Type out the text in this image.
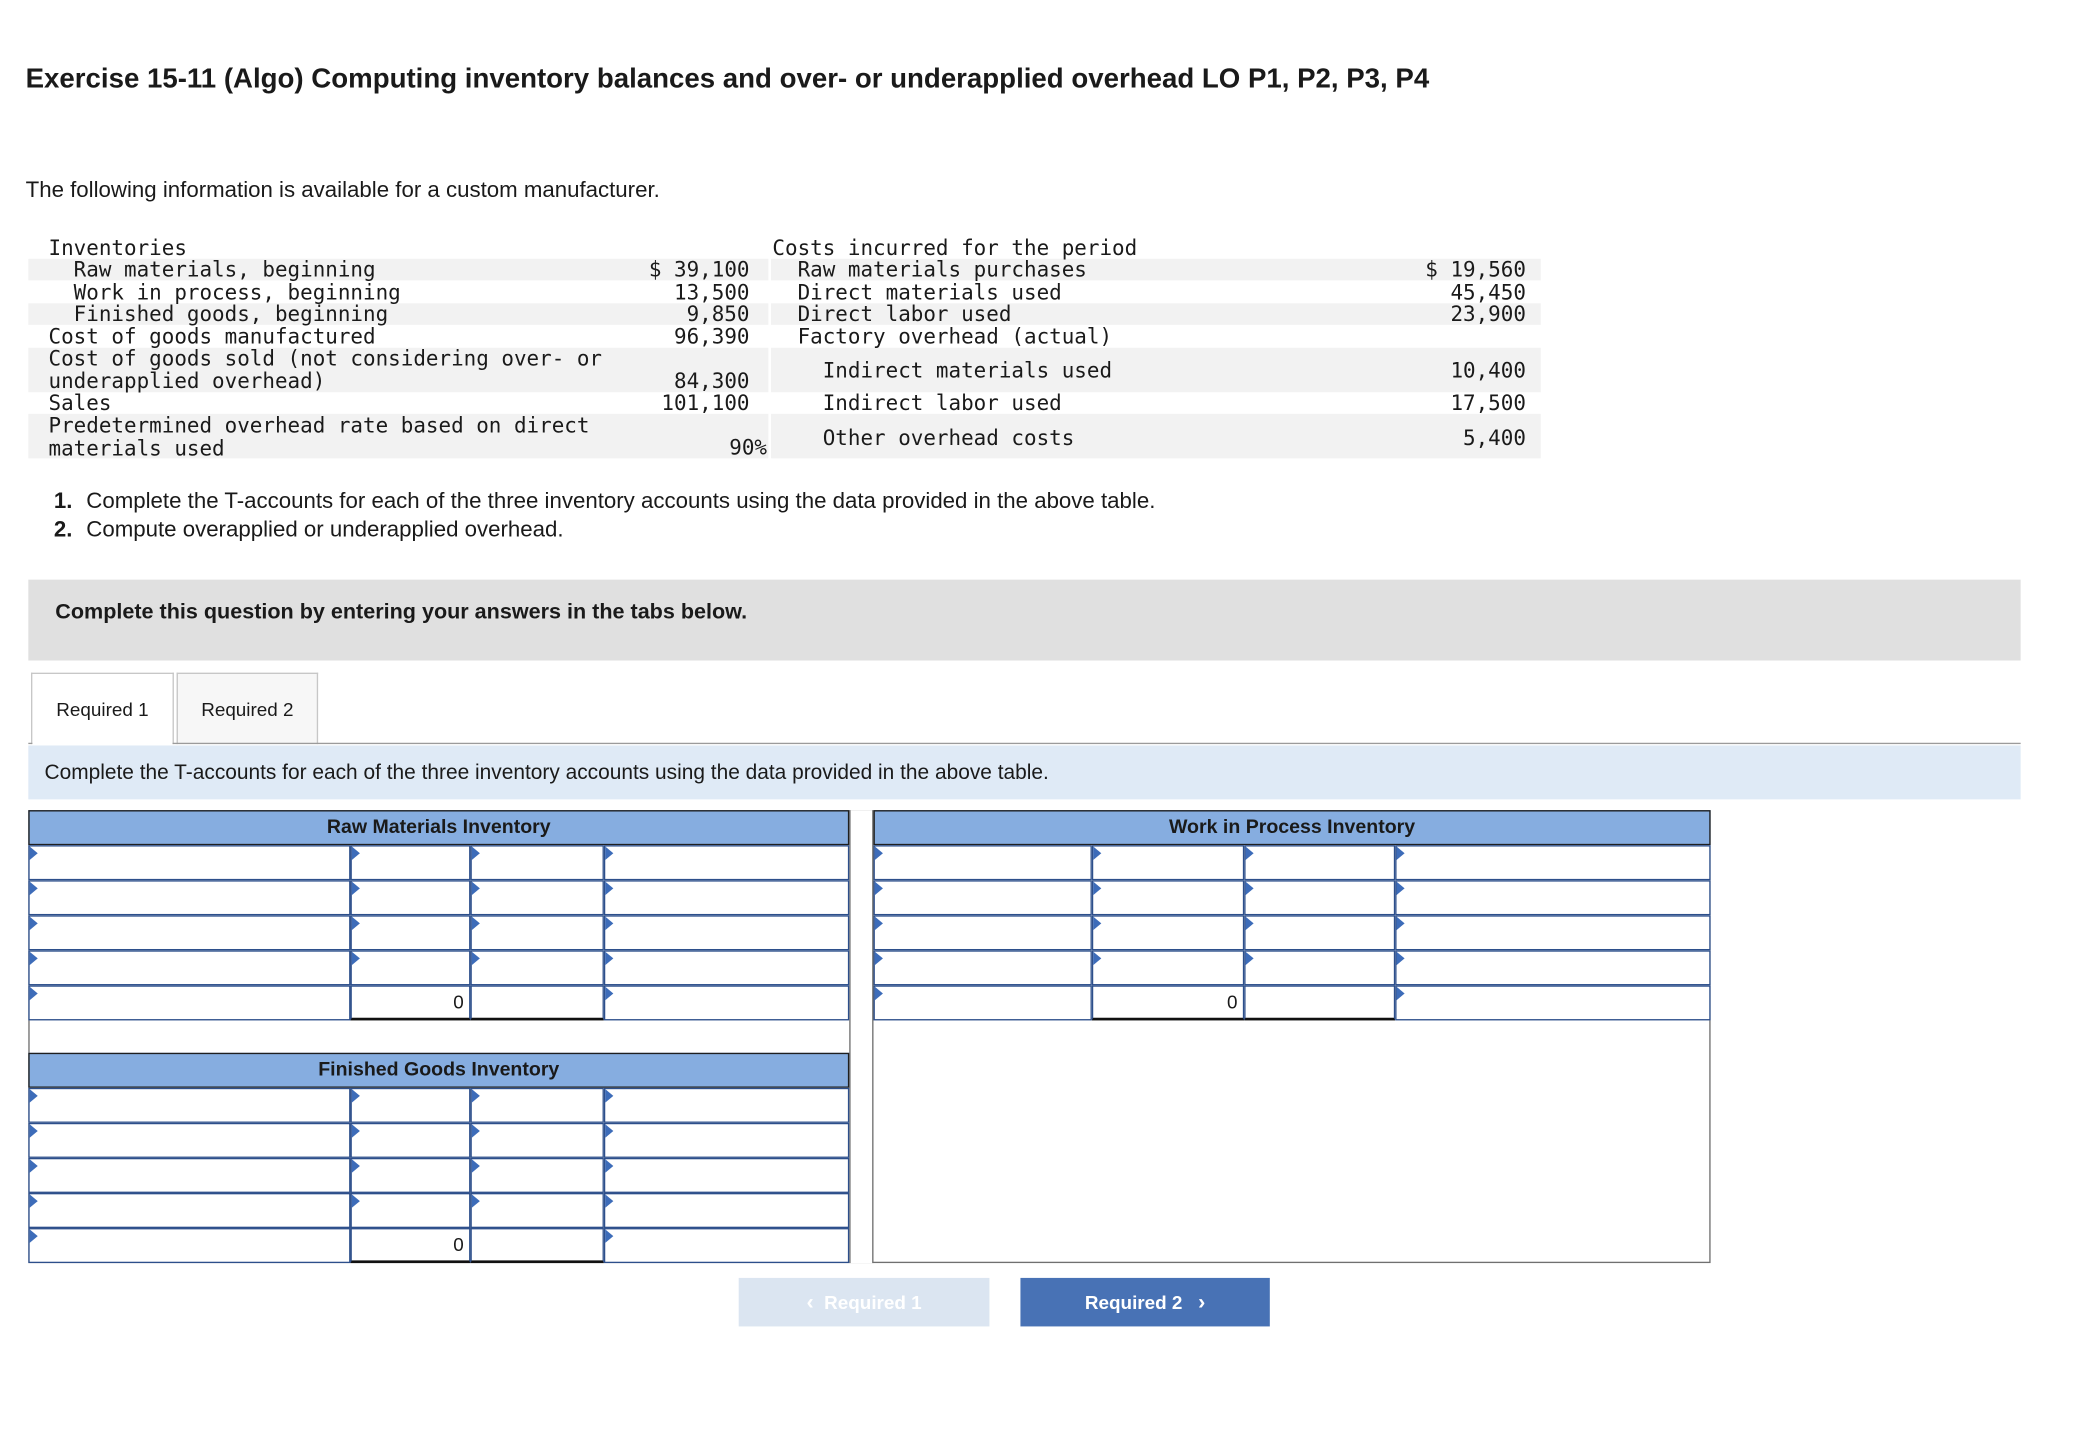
Exercise 15-11 (Algo) Computing inventory balances and over- or underapplied overhead LO P1, P2, P3, P4
The following information is available for a custom manufacturer.
Inventories
Raw materials, beginning	$ 39,100
Work in process, beginning	13,500
Finished goods, beginning	9,850
Cost of goods manufactured	96,390
Cost of goods sold (not considering over- or
underapplied overhead)	84,300
Sales	101,100
Predetermined overhead rate based on direct
materials used	90%
Costs incurred for the period
Raw materials purchases	$ 19,560
Direct materials used	45,450
Direct labor used	23,900
Factory overhead (actual)
Indirect materials used	10,400
Indirect labor used	17,500
Other overhead costs	5,400
1. Complete the T-accounts for each of the three inventory accounts using the data provided in the above table.
2. Compute overapplied or underapplied overhead.
Complete this question by entering your answers in the tabs below.
Required 1	Required 2
Complete the T-accounts for each of the three inventory accounts using the data provided in the above table.
Raw Materials Inventory
0
Work in Process Inventory
0
Finished Goods Inventory
0
‹ Required 1	Required 2 ›
